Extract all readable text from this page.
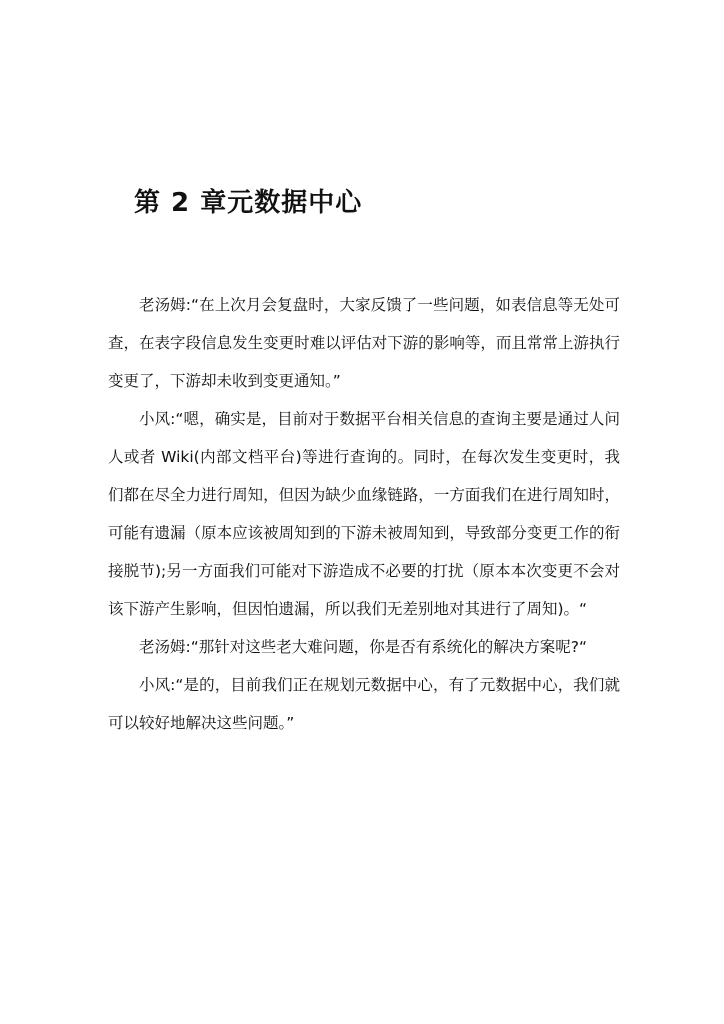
第 2 章元数据中心

老汤姆:“在上次月会复盘时，大家反馈了一些问题，如表信息等无处可查，在表字段信息发生变更时难以评估对下游的影响等，而且常常上游执行变更了，下游却未收到变更通知。”

小风:“嗯，确实是，目前对于数据平台相关信息的查询主要是通过人问人或者 Wiki(内部文档平台)等进行查询的。同时，在每次发生变更时，我们都在尽全力进行周知，但因为缺少血缘链路，一方面我们在进行周知时，可能有遗漏（原本应该被周知到的下游未被周知到，导致部分变更工作的衔接脱节);另一方面我们可能对下游造成不必要的打扰（原本本次变更不会对该下游产生影响，但因怕遗漏，所以我们无差别地对其进行了周知)。“

老汤姆:“那针对这些老大难问题，你是否有系统化的解决方案呢?“

小风:“是的，目前我们正在规划元数据中心，有了元数据中心，我们就可以较好地解决这些问题。”
